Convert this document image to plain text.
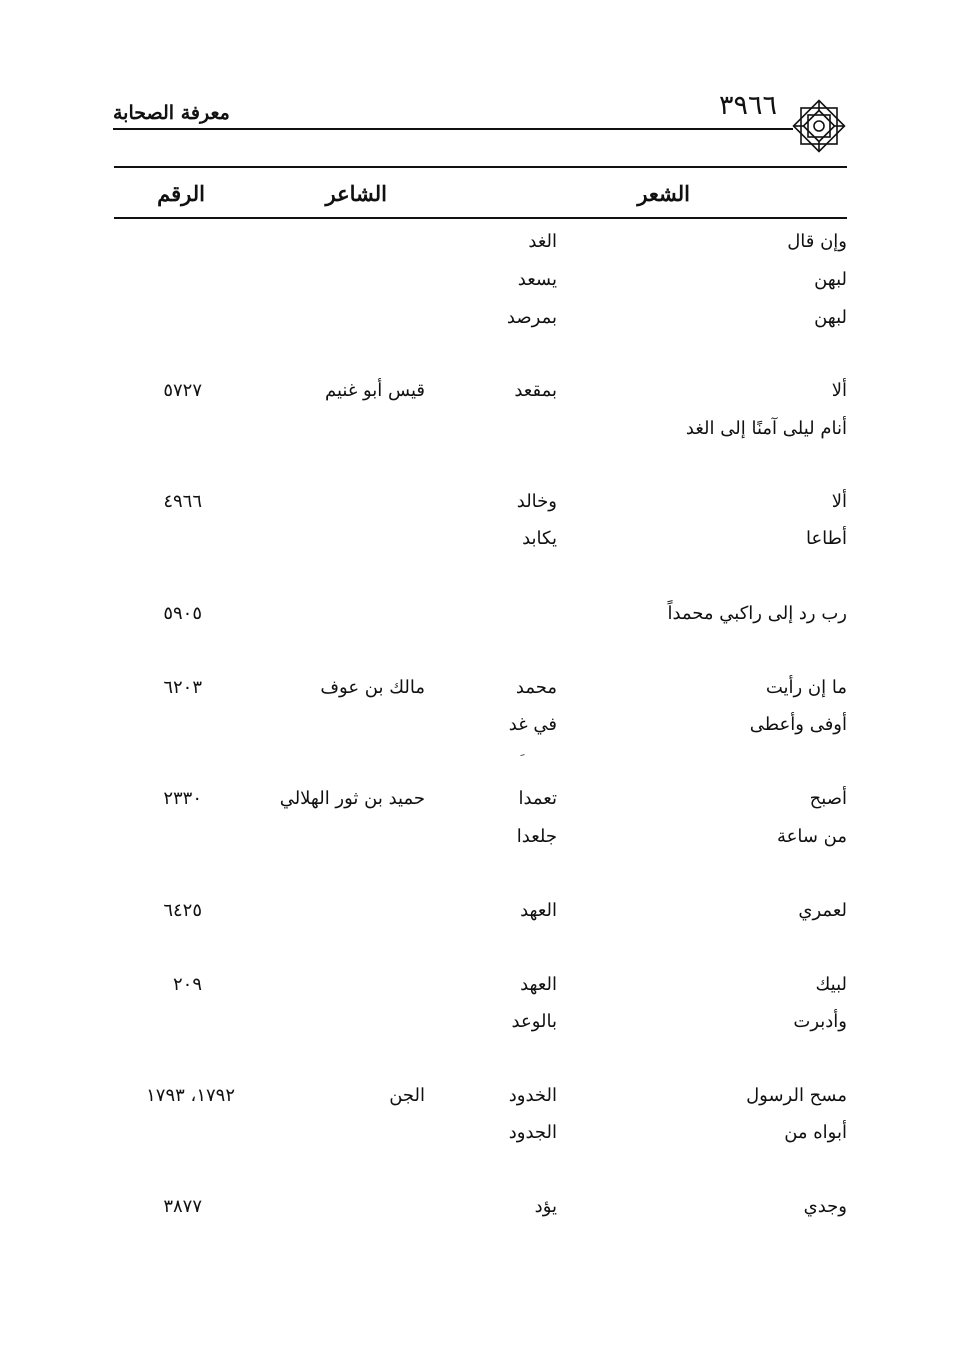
٣٩٦٦
معرفة الصحابة
الشعر
الشاعر
الرقم
وإن قال
الغد
لبهن
يسعد
لبهن
بمرصد
ألا
بمقعد
قيس أبو غنيم
٥٧٢٧
أنام ليلى آمنًا إلى الغد
ألا
وخالد
٤٩٦٦
أطاعا
يكابد
رب رد إلى راكبي محمداً
٥٩٠٥
ما إن رأيت
محمد
مالك بن عوف
٦٢٠٣
أوفى وأعطى
في غد
أصبح
تعمدا
حميد بن ثور الهلالي
٢٣٣٠
من ساعة
جلعدا
لعمري
العهد
٦٤٢٥
لبيك
العهد
٢٠٩
وأدبرت
بالوعد
مسح الرسول
الخدود
الجن
١٧٩٢، ١٧٩٣
أبواه من
الجدود
وجدي
يؤد
٣٨٧٧
